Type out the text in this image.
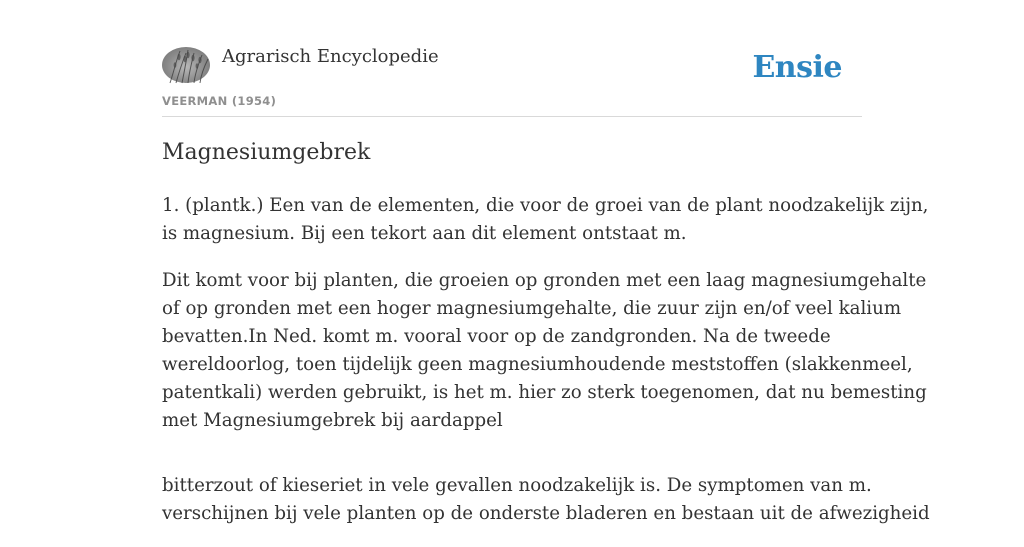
Agrarisch Encyclopedie
VEERMAN (1954)
Ensie
Magnesiumgebrek

1. (plantk.) Een van de elementen, die voor de groei van de plant noodzakelijk zijn,
is magnesium. Bij een tekort aan dit element ontstaat m.

Dit komt voor bij planten, die groeien op gronden met een laag magnesiumgehalte
of op gronden met een hoger magnesiumgehalte, die zuur zijn en/of veel kalium
bevatten.In Ned. komt m. vooral voor op de zandgronden. Na de tweede
wereldoorlog, toen tijdelijk geen magnesiumhoudende meststoffen (slakkenmeel,
patentkali) werden gebruikt, is het m. hier zo sterk toegenomen, dat nu bemesting
met Magnesiumgebrek bij aardappel

bitterzout of kieseriet in vele gevallen noodzakelijk is. De symptomen van m.
verschijnen bij vele planten op de onderste bladeren en bestaan uit de afwezigheid
